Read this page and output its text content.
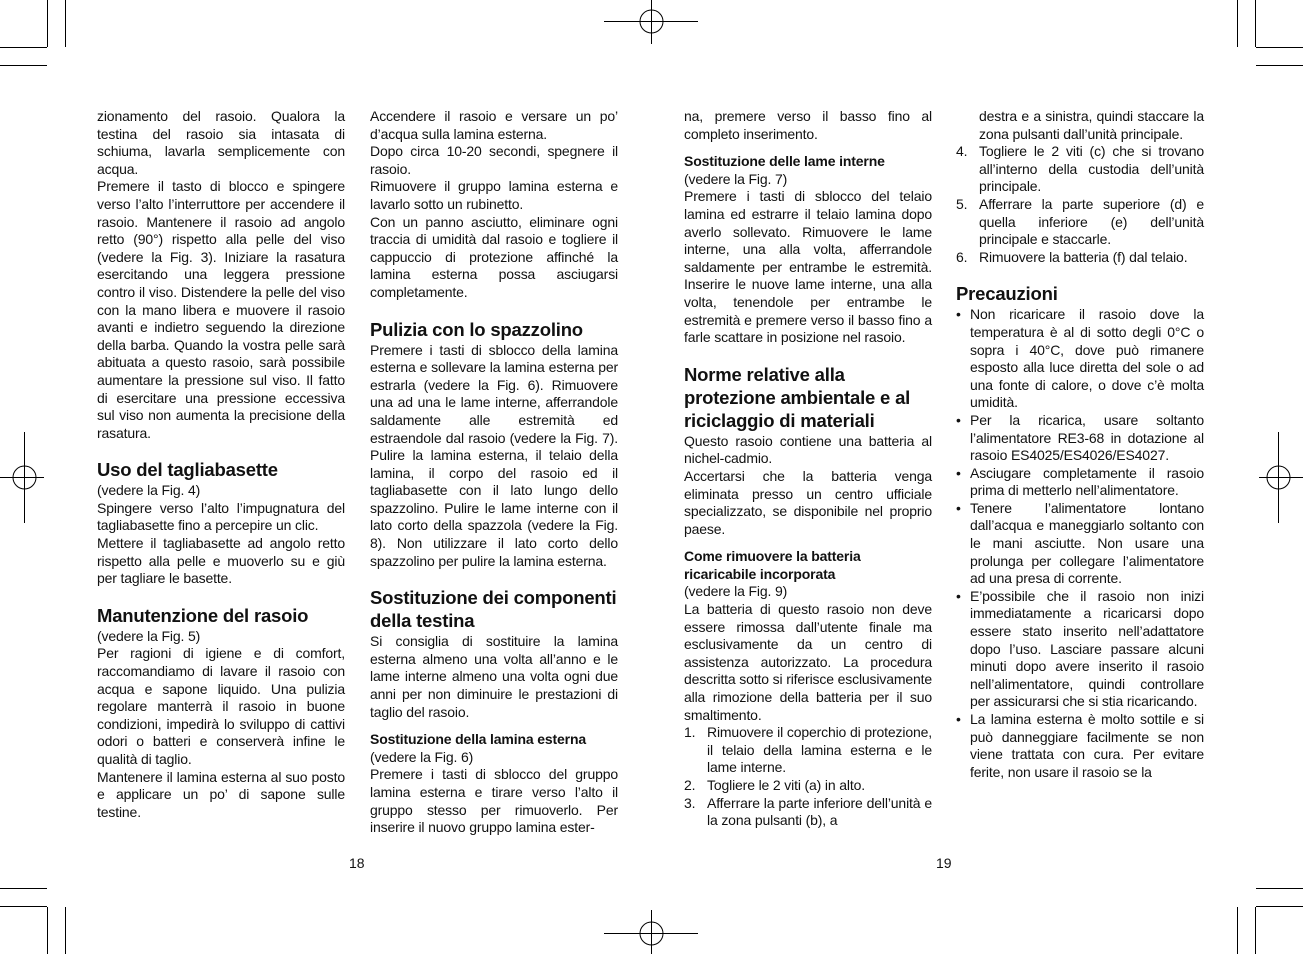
zionamento del rasoio. Qualora la testina del rasoio sia intasata di schiuma, lavarla semplicemente con acqua.

Premere il tasto di blocco e spingere verso l’alto l’interruttore per accendere il rasoio. Mantenere il rasoio ad angolo retto (90°) rispetto alla pelle del viso (vedere la Fig. 3). Iniziare la rasatura esercitando una leggera pressione contro il viso. Distendere la pelle del viso con la mano libera e muovere il rasoio avanti e indietro seguendo la direzione della barba. Quando la vostra pelle sarà abituata a questo rasoio, sarà possibile aumentare la pressione sul viso. Il fatto di esercitare una pressione eccessiva sul viso non aumenta la precisione della rasatura.

Uso del tagliabasette

(vedere la Fig. 4)

Spingere verso l’alto l’impugnatura del tagliabasette fino a percepire un clic.

Mettere il tagliabasette ad angolo retto rispetto alla pelle e muoverlo su e giù per tagliare le basette.

Manutenzione del rasoio

(vedere la Fig. 5)

Per ragioni di igiene e di comfort, raccomandiamo di lavare il rasoio con acqua e sapone liquido. Una pulizia regolare manterrà il rasoio in buone condizioni, impedirà lo sviluppo di cattivi odori o batteri e conserverà infine le qualità di taglio.

Mantenere il lamina esterna al suo posto e applicare un po’ di sapone sulle testine.

Accendere il rasoio e versare un po’ d’acqua sulla lamina esterna.

Dopo circa 10-20 secondi, spegnere il rasoio.

Rimuovere il gruppo lamina esterna e lavarlo sotto un rubinetto.

Con un panno asciutto, eliminare ogni traccia di umidità dal rasoio e togliere il cappuccio di protezione affinché la lamina esterna possa asciugarsi completamente.

Pulizia con lo spazzolino

Premere i tasti di sblocco della lamina esterna e sollevare la lamina esterna per estrarla (vedere la Fig. 6). Rimuovere una ad una le lame interne, afferrandole saldamente alle estremità ed estraendole dal rasoio (vedere la Fig. 7). Pulire la lamina esterna, il telaio della lamina, il corpo del rasoio ed il tagliabasette con il lato lungo dello spazzolino. Pulire le lame interne con il lato corto della spazzola (vedere la Fig. 8). Non utilizzare il lato corto dello spazzolino per pulire la lamina esterna.

Sostituzione dei componenti della testina

Si consiglia di sostituire la lamina esterna almeno una volta all’anno e le lame interne almeno una volta ogni due anni per non diminuire le prestazioni di taglio del rasoio.

Sostituzione della lamina esterna

(vedere la Fig. 6)

Premere i tasti di sblocco del gruppo lamina esterna e tirare verso l’alto il gruppo stesso per rimuoverlo. Per inserire il nuovo gruppo lamina ester-

na, premere verso il basso fino al completo inserimento.

Sostituzione delle lame interne

(vedere la Fig. 7)

Premere i tasti di sblocco del telaio lamina ed estrarre il telaio lamina dopo averlo sollevato. Rimuovere le lame interne, una alla volta, afferrandole saldamente per entrambe le estremità. Inserire le nuove lame interne, una alla volta, tenendole per entrambe le estremità e premere verso il basso fino a farle scattare in posizione nel rasoio.

Norme relative alla protezione ambientale e al riciclaggio di materiali

Questo rasoio contiene una batteria al nichel-cadmio.

Accertarsi che la batteria venga eliminata presso un centro ufficiale specializzato, se disponibile nel proprio paese.

Come rimuovere la batteria ricaricabile incorporata

(vedere la Fig. 9)

La batteria di questo rasoio non deve essere rimossa dall’utente finale ma esclusivamente da un centro di assistenza autorizzato. La procedura descritta sotto si riferisce esclusivamente alla rimozione della batteria per il suo smaltimento.

1. Rimuovere il coperchio di protezione, il telaio della lamina esterna e le lame interne.
2. Togliere le 2 viti (a) in alto.
3. Afferrare la parte inferiore dell’unità e la zona pulsanti (b), a
destra e a sinistra, quindi staccare la zona pulsanti dall’unità principale.
4. Togliere le 2 viti (c) che si trovano all’interno della custodia dell’unità principale.
5. Afferrare la parte superiore (d) e quella inferiore (e) dell’unità principale e staccarle.
6. Rimuovere la batteria (f) dal telaio.
Precauzioni
• Non ricaricare il rasoio dove la temperatura è al di sotto degli 0°C o sopra i 40°C, dove può rimanere esposto alla luce diretta del sole o ad una fonte di calore, o dove c’è molta umidità.
• Per la ricarica, usare soltanto l’alimentatore RE3-68 in dotazione al rasoio ES4025/ES4026/ES4027.
• Asciugare completamente il rasoio prima di metterlo nell’alimentatore.
• Tenere l’alimentatore lontano dall’acqua e maneggiarlo soltanto con le mani asciutte. Non usare una prolunga per collegare l’alimentatore ad una presa di corrente.
• E’possibile che il rasoio non inizi immediatamente a ricaricarsi dopo essere stato inserito nell’adattatore dopo l’uso. Lasciare passare alcuni minuti dopo avere inserito il rasoio nell’alimentatore, quindi controllare per assicurarsi che si stia ricaricando.
• La lamina esterna è molto sottile e si può danneggiare facilmente se non viene trattata con cura. Per evitare ferite, non usare il rasoio se la
18	19
